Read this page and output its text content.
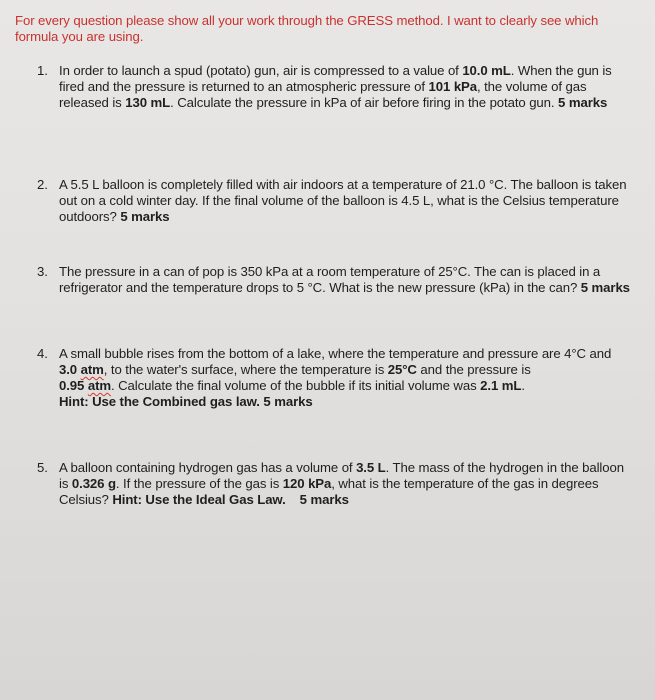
For every question please show all your work through the GRESS method. I want to clearly see which formula you are using.

1. In order to launch a spud (potato) gun, air is compressed to a value of 10.0 mL. When the gun is fired and the pressure is returned to an atmospheric pressure of 101 kPa, the volume of gas released is 130 mL. Calculate the pressure in kPa of air before firing in the potato gun. 5 marks
2. A 5.5 L balloon is completely filled with air indoors at a temperature of 21.0 °C. The balloon is taken out on a cold winter day. If the final volume of the balloon is 4.5 L, what is the Celsius temperature outdoors? 5 marks
3. The pressure in a can of pop is 350 kPa at a room temperature of 25°C. The can is placed in a refrigerator and the temperature drops to 5 °C. What is the new pressure (kPa) in the can? 5 marks
4. A small bubble rises from the bottom of a lake, where the temperature and pressure are 4°C and 3.0 atm, to the water's surface, where the temperature is 25°C and the pressure is
0.95 atm. Calculate the final volume of the bubble if its initial volume was 2.1 mL.
Hint: Use the Combined gas law. 5 marks
5. A balloon containing hydrogen gas has a volume of 3.5 L. The mass of the hydrogen in the balloon is 0.326 g. If the pressure of the gas is 120 kPa, what is the temperature of the gas in degrees Celsius? Hint: Use the Ideal Gas Law. 5 marks
